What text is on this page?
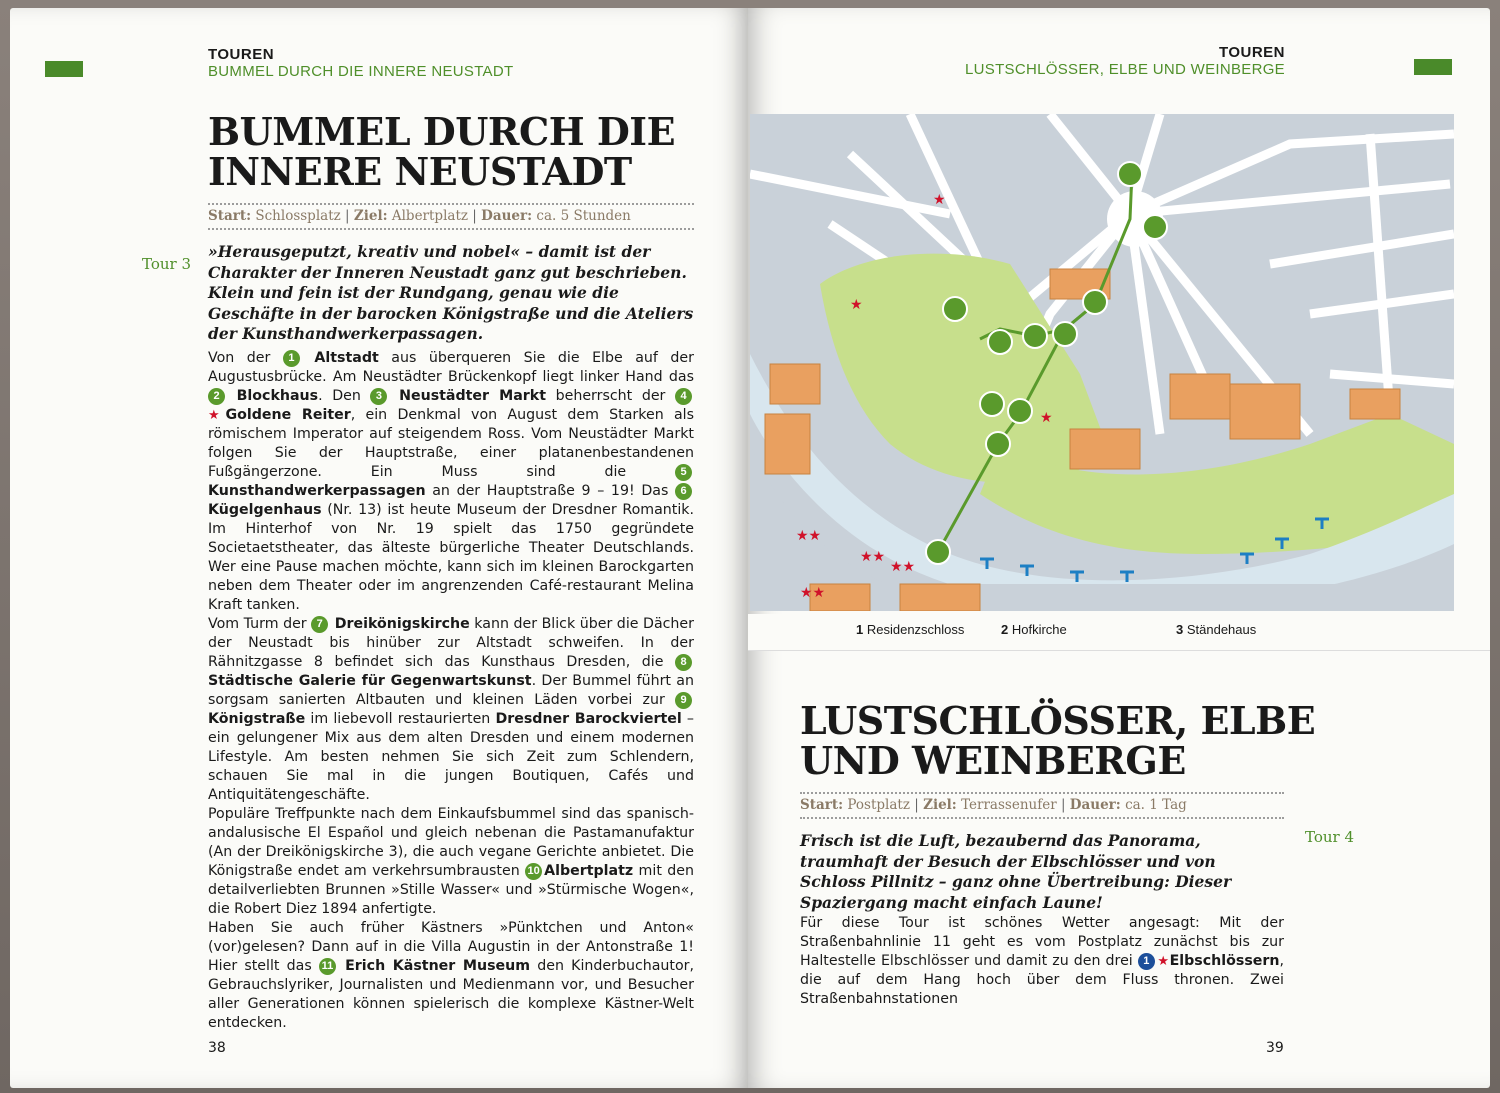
TOUREN
BUMMEL DURCH DIE INNERE NEUSTADT
BUMMEL DURCH DIE
INNERE NEUSTADT
Start: Schlossplatz | Ziel: Albertplatz | Dauer: ca. 5 Stunden
Tour 3

»Herausgeputzt, kreativ und nobel« – damit ist der Charakter der Inneren Neustadt ganz gut beschrieben. Klein und fein ist der Rundgang, genau wie die Geschäfte in der barocken Königstraße und die Ateliers der Kunsthandwerkerpassagen.

Von der 1 Altstadt aus überqueren Sie die Elbe auf der Augustusbrücke. Am Neustädter Brückenkopf liegt linker Hand das 2 Blockhaus. Den 3 Neustädter Markt beherrscht der 4★Goldene Reiter, ein Denkmal von August dem Starken als römischem Imperator auf steigendem Ross. Vom Neustädter Markt folgen Sie der Hauptstraße, einer platanenbestandenen Fußgängerzone. Ein Muss sind die 5 Kunsthandwerkerpassagen an der Hauptstraße 9 – 19! Das 6 Kügelgenhaus (Nr. 13) ist heute Museum der Dresdner Romantik. Im Hinterhof von Nr. 19 spielt das 1750 gegründete Societaetstheater, das älteste bürgerliche Theater Deutschlands. Wer eine Pause machen möchte, kann sich im kleinen Barockgarten neben dem Theater oder im angrenzenden Café-restaurant Melina Kraft tanken.

Vom Turm der 7 Dreikönigskirche kann der Blick über die Dächer der Neustadt bis hinüber zur Altstadt schweifen. In der Rähnitzgasse 8 befindet sich das Kunsthaus Dresden, die 8 Städtische Galerie für Gegenwartskunst. Der Bummel führt an sorgsam sanierten Altbauten und kleinen Läden vorbei zur 9 Königstraße im liebevoll restaurierten Dresdner Barockviertel – ein gelungener Mix aus dem alten Dresden und einem modernen Lifestyle. Am besten nehmen Sie sich Zeit zum Schlendern, schauen Sie mal in die jungen Boutiquen, Cafés und Antiquitätengeschäfte.

Populäre Treffpunkte nach dem Einkaufsbummel sind das spanisch-andalusische El Español und gleich nebenan die Pastamanufaktur (An der Dreikönigskirche 3), die auch vegane Gerichte anbietet. Die Königstraße endet am verkehrsumbrausten 10 Albertplatz mit den detailverliebten Brunnen »Stille Wasser« und »Stürmische Wogen«, die Robert Diez 1894 anfertigte.

Haben Sie auch früher Kästners »Pünktchen und Anton« (vor)gelesen? Dann auf in die Villa Augustin in der Antonstraße 1! Hier stellt das 11 Erich Kästner Museum den Kinderbuchautor, Gebrauchslyriker, Journalisten und Medienmann vor, und Besucher aller Generationen können spielerisch die komplexe Kästner-Welt entdecken.

38
TOUREN
LUSTSCHLÖSSER, ELBE UND WEINBERGE
★
★
★
★★
★★
★★
★★
1 Residenzschloss	2 Hofkirche	3 Ständehaus
LUSTSCHLÖSSER, ELBE
UND WEINBERGE
Start: Postplatz | Ziel: Terrassenufer | Dauer: ca. 1 Tag
Tour 4

Frisch ist die Luft, bezaubernd das Panorama, traumhaft der Besuch der Elbschlösser und von Schloss Pillnitz – ganz ohne Übertreibung: Dieser Spaziergang macht einfach Laune!

Für diese Tour ist schönes Wetter angesagt: Mit der Straßenbahnlinie 11 geht es vom Postplatz zunächst bis zur Haltestelle Elbschlösser und damit zu den drei 1 ★Elbschlössern, die auf dem Hang hoch über dem Fluss thronen. Zwei Straßenbahnstationen

39
